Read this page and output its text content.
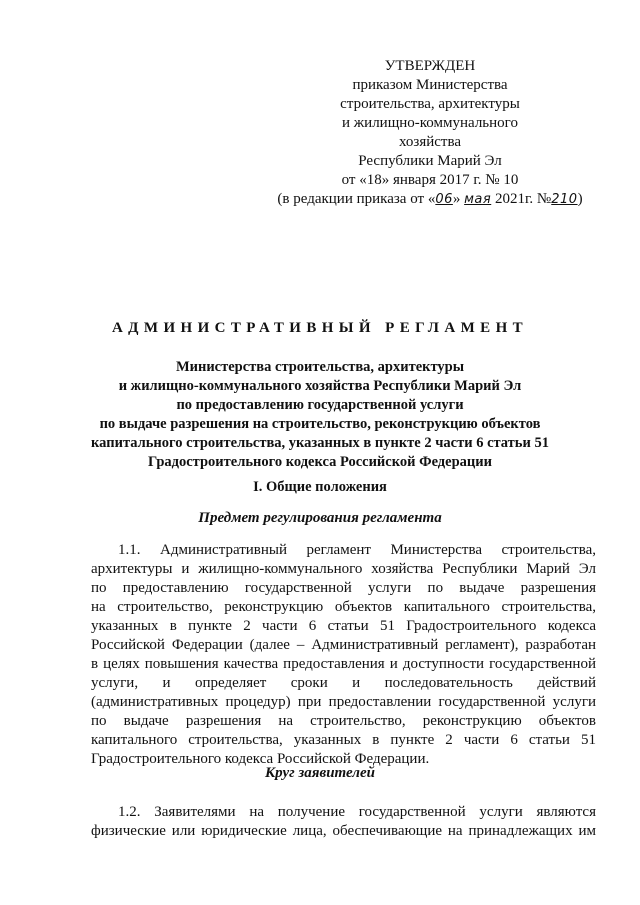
УТВЕРЖДЕН
приказом Министерства
строительства, архитектуры
и жилищно-коммунального
хозяйства
Республики Марий Эл
от «18» января 2017 г. № 10
(в редакции приказа от «06» мая 2021г. №210)
АДМИНИСТРАТИВНЫЙ РЕГЛАМЕНТ
Министерства строительства, архитектуры
и жилищно-коммунального хозяйства Республики Марий Эл
по предоставлению государственной услуги
по выдаче разрешения на строительство, реконструкцию объектов
капитального строительства, указанных в пункте 2 части 6 статьи 51
Градостроительного кодекса Российской Федерации
I. Общие положения
Предмет регулирования регламента
1.1. Административный регламент Министерства строительства,
архитектуры и жилищно-коммунального хозяйства Республики Марий Эл
по предоставлению государственной услуги по выдаче разрешения
на строительство, реконструкцию объектов капитального строительства,
указанных в пункте 2 части 6 статьи 51 Градостроительного кодекса
Российской Федерации (далее – Административный регламент), разработан
в целях повышения качества предоставления и доступности государственной
услуги, и определяет сроки и последовательность действий
(административных процедур) при предоставлении государственной услуги
по выдаче разрешения на строительство, реконструкцию объектов
капитального строительства, указанных в пункте 2 части 6 статьи 51
Градостроительного кодекса Российской Федерации.
Круг заявителей
1.2. Заявителями на получение государственной услуги являются
физические или юридические лица, обеспечивающие на принадлежащих им
